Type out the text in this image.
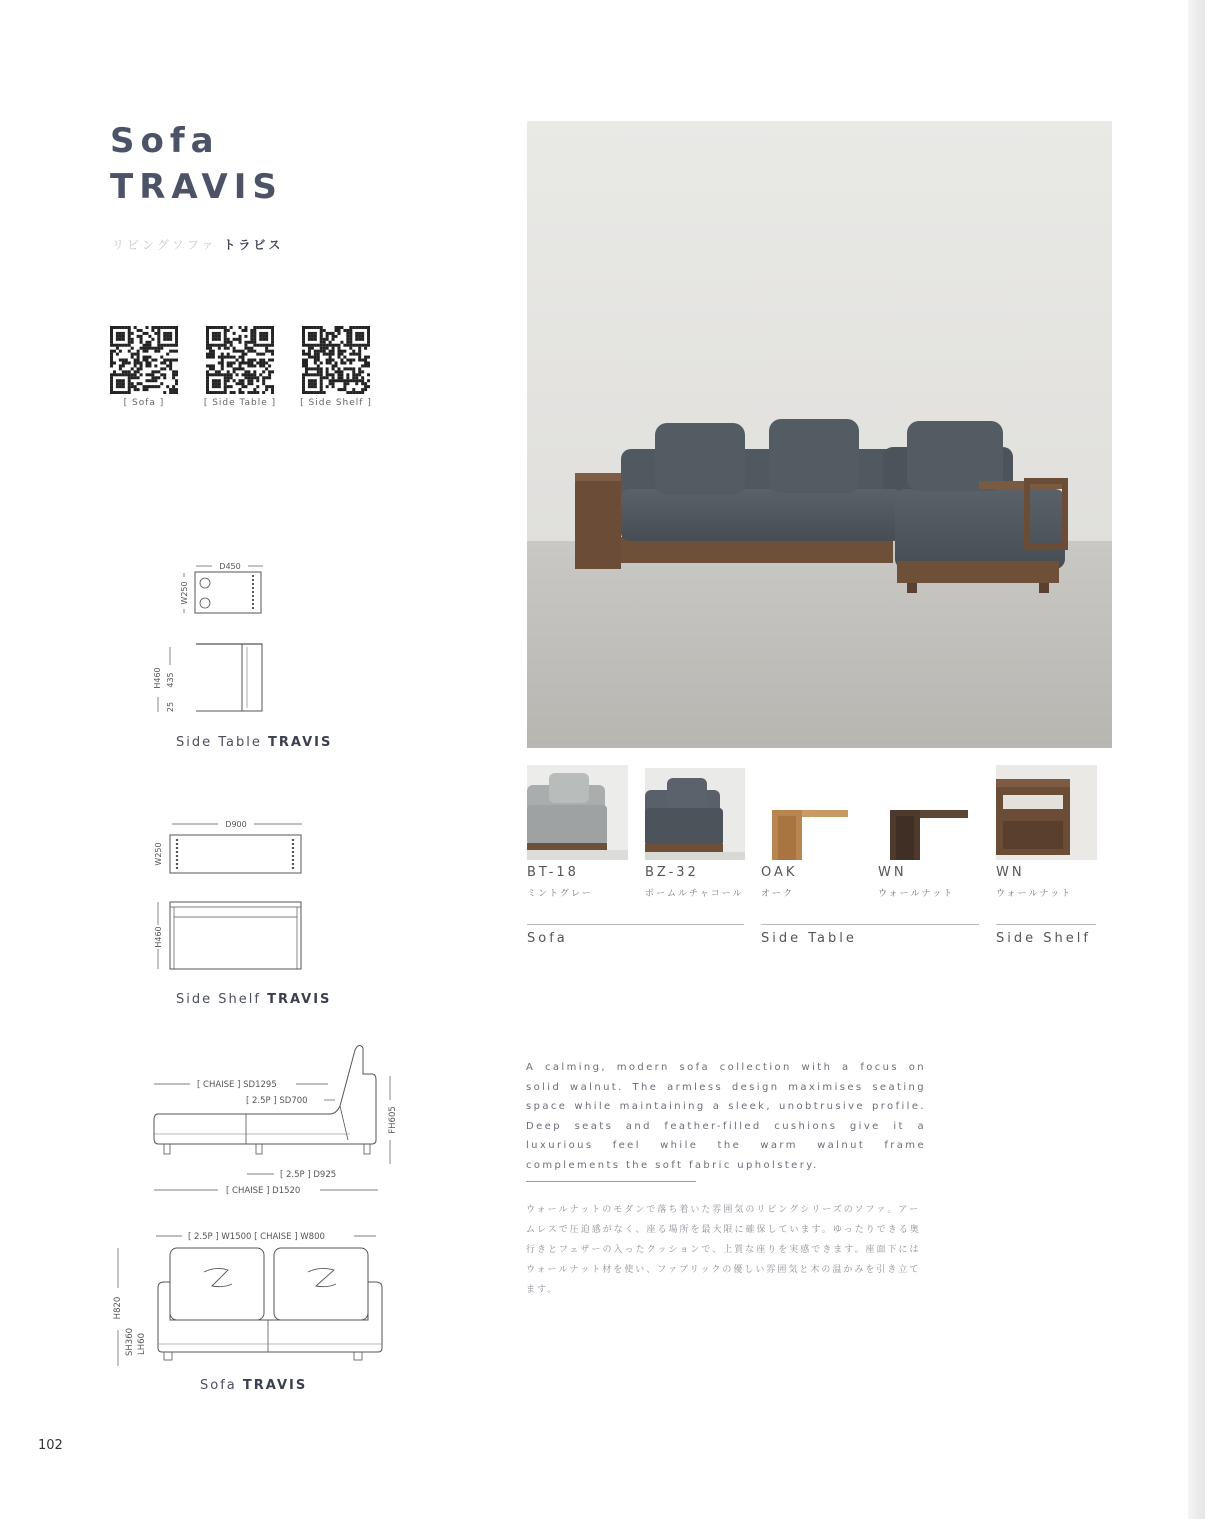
Sofa
TRAVIS
リビングソファ トラビス
[ Sofa ]	[ Side Table ]	[ Side Shelf ]
D450
W250
H460 435
25
Side Table TRAVIS
D900
W250
H460
Side Shelf TRAVIS
[ CHAISE ] SD1295
[ 2.5P ] SD700
FH605
[ 2.5P ] D925
[ CHAISE ] D1520
[ 2.5P ] W1500 [ CHAISE ] W800
H820
SH360 LH60
Sofa TRAVIS
BT-18
ミントグレー
BZ-32
ボームルチャコール
OAK
オーク
WN
ウォールナット
WN
ウォールナット
Sofa	Side Table	Side Shelf
A calming, modern sofa collection with a focus on solid walnut. The armless design maximises seating space while maintaining a sleek, unobtrusive profile. Deep seats and feather-filled cushions give it a luxurious feel while the warm walnut frame complements the soft fabric upholstery.
ウォールナットのモダンで落ち着いた雰囲気のリビングシリーズのソファ。アームレスで圧迫感がなく、座る場所を最大限に確保しています。ゆったりできる奥行きとフェザーの入ったクッションで、上質な座りを実感できます。座面下にはウォールナット材を使い、ファブリックの優しい雰囲気と木の温かみを引き立てます。
102
